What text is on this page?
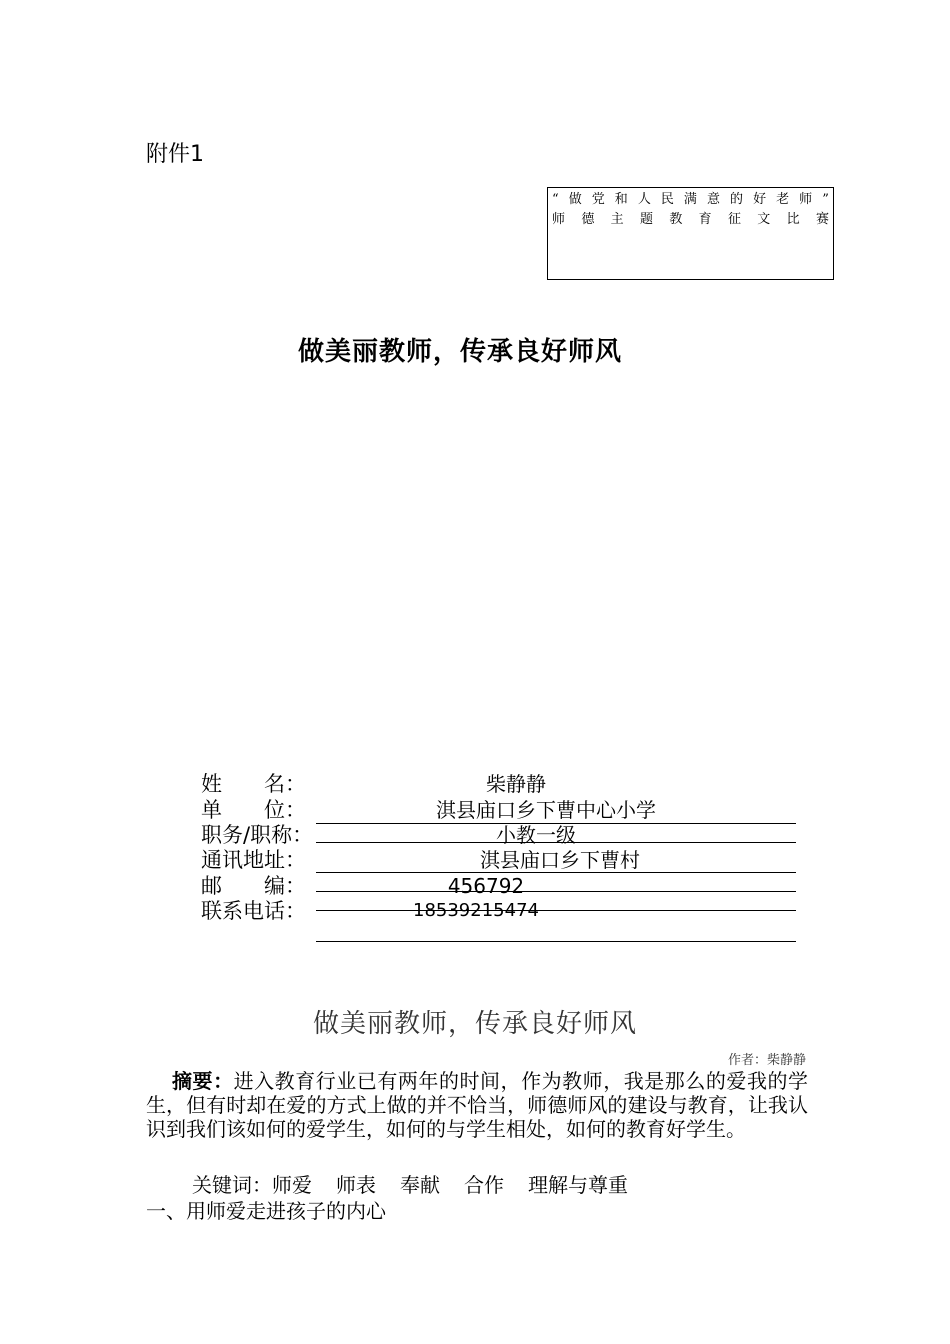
附件1
“ 做 党 和 人 民 满 意 的 好 老 师 ”
师 德 主 题 教 育 征 文 比 赛
做美丽教师，传承良好师风
姓　　名：	柴静静
单　　位：	淇县庙口乡下曹中心小学
职务/职称：	小教一级
通讯地址：	淇县庙口乡下曹村
邮　　编：	456792
联系电话：	18539215474
做美丽教师，传承良好师风
作者：柴静静
摘要：进入教育行业已有两年的时间，作为教师，我是那么的爱我的学生，但有时却在爱的方式上做的并不恰当，师德师风的建设与教育，让我认识到我们该如何的爱学生，如何的与学生相处，如何的教育好学生。
关键词：师爱 师表 奉献 合作 理解与尊重
一、用师爱走进孩子的内心
